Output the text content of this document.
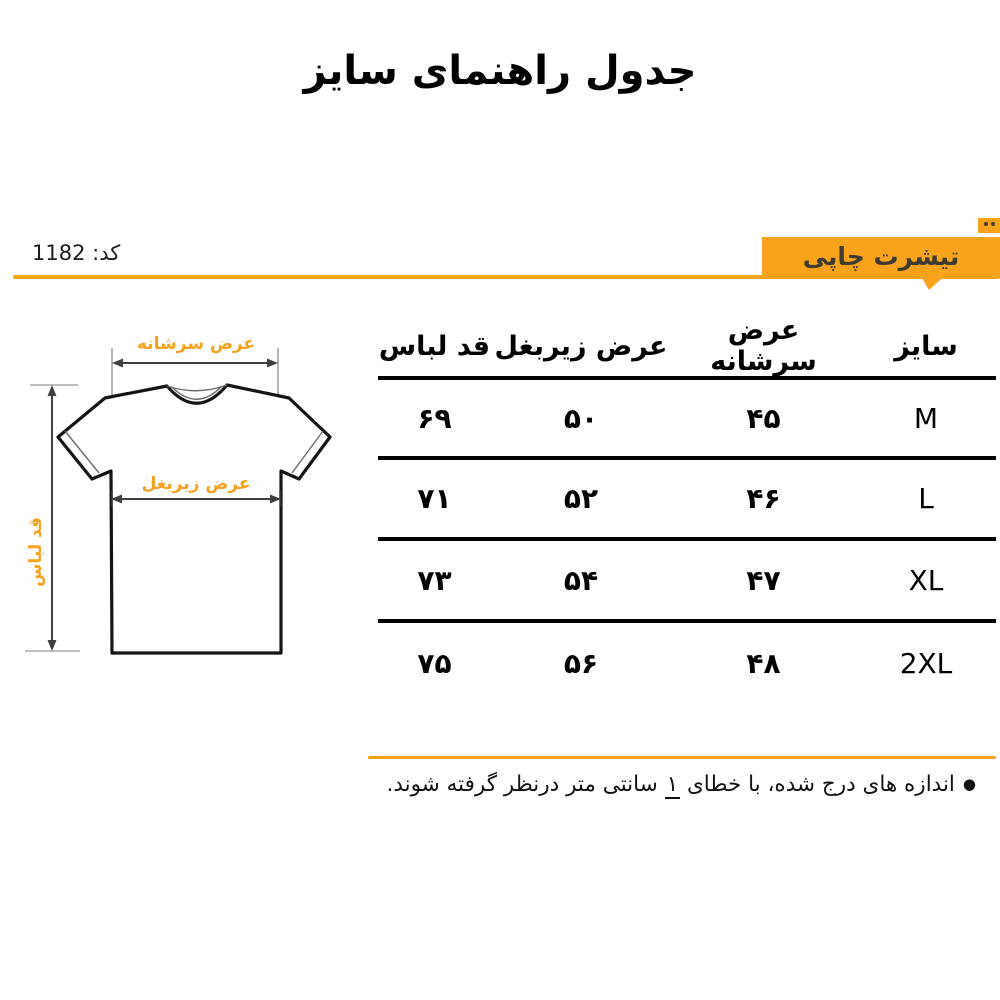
جدول راهنمای سایز
کد: 1182	تیشرت چاپی
عرض سرشانه
عرض زیربغل
قد لباس
سایز
عرض سرشانه
عرض زیربغل
قد لباس
M
۴۵
۵۰
۶۹
L
۴۶
۵۲
۷۱
XL
۴۷
۵۴
۷۳
2XL
۴۸
۵۶
۷۵
●اندازه های درج شده، با خطای ۱ سانتی متر درنظر گرفته شوند.
